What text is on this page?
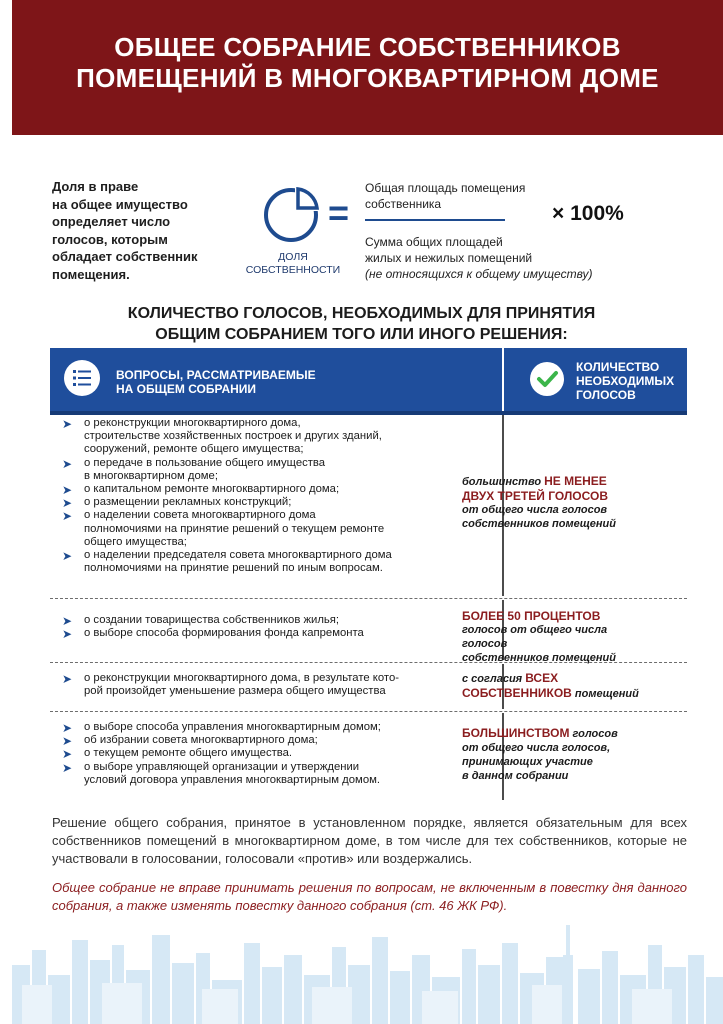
ОБЩЕЕ СОБРАНИЕ СОБСТВЕННИКОВ
ПОМЕЩЕНИЙ В МНОГОКВАРТИРНОМ ДОМЕ
Доля в праве
на общее имущество
определяет число
голосов, которым
обладает собственник
помещения.
ДОЛЯ
СОБСТВЕННОСТИ
=
Общая площадь помещения
собственника
Сумма общих площадей
жилых и нежилых помещений
(не относящихся к общему имуществу)
× 100%
КОЛИЧЕСТВО ГОЛОСОВ, НЕОБХОДИМЫХ ДЛЯ ПРИНЯТИЯ
ОБЩИМ СОБРАНИЕМ ТОГО ИЛИ ИНОГО РЕШЕНИЯ:
ВОПРОСЫ, РАССМАТРИВАЕМЫЕ
НА ОБЩЕМ СОБРАНИИ
КОЛИЧЕСТВО
НЕОБХОДИМЫХ
ГОЛОСОВ
➤ о реконструкции многоквартирного дома,
строительстве хозяйственных построек и других зданий,
сооружений, ремонте общего имущества;
➤ о передаче в пользование общего имущества
в многоквартирном доме;
➤ о капитальном ремонте многоквартирного дома;
➤ о размещении рекламных конструкций;
➤ о наделении совета многоквартирного дома
полномочиями на принятие решений о текущем ремонте
общего имущества;
➤ о наделении председателя совета многоквартирного дома
полномочиями на принятие решений по иным вопросам.
большинство НЕ МЕНЕЕ
ДВУХ ТРЕТЕЙ ГОЛОСОВ
от общего числа голосов
собственников помещений
➤ о создании товарищества собственников жилья;
➤ о выборе способа формирования фонда капремонта
БОЛЕЕ 50 ПРОЦЕНТОВ
голосов от общего числа голосов
собственников помещений
➤ о реконструкции многоквартирного дома, в результате кото-
рой произойдет уменьшение размера общего имущества
с согласия ВСЕХ
СОБСТВЕННИКОВ помещений
➤ о выборе способа управления многоквартирным домом;
➤ об избрании совета многоквартирного дома;
➤ о текущем ремонте общего имущества.
➤ о выборе управляющей организации и утверждении
условий договора управления многоквартирным домом.
БОЛЬШИНСТВОМ голосов
от общего числа голосов,
принимающих участие
в данном собрании
Решение общего собрания, принятое в установленном порядке, является обязательным для всех собственников помещений в многоквартирном доме, в том числе для тех собственников, которые не участвовали в голосовании, голосовали «против» или воздержались.
Общее собрание не вправе принимать решения по вопросам, не включенным в повестку дня данного собрания, а также изменять повестку данного собрания (ст. 46 ЖК РФ).
